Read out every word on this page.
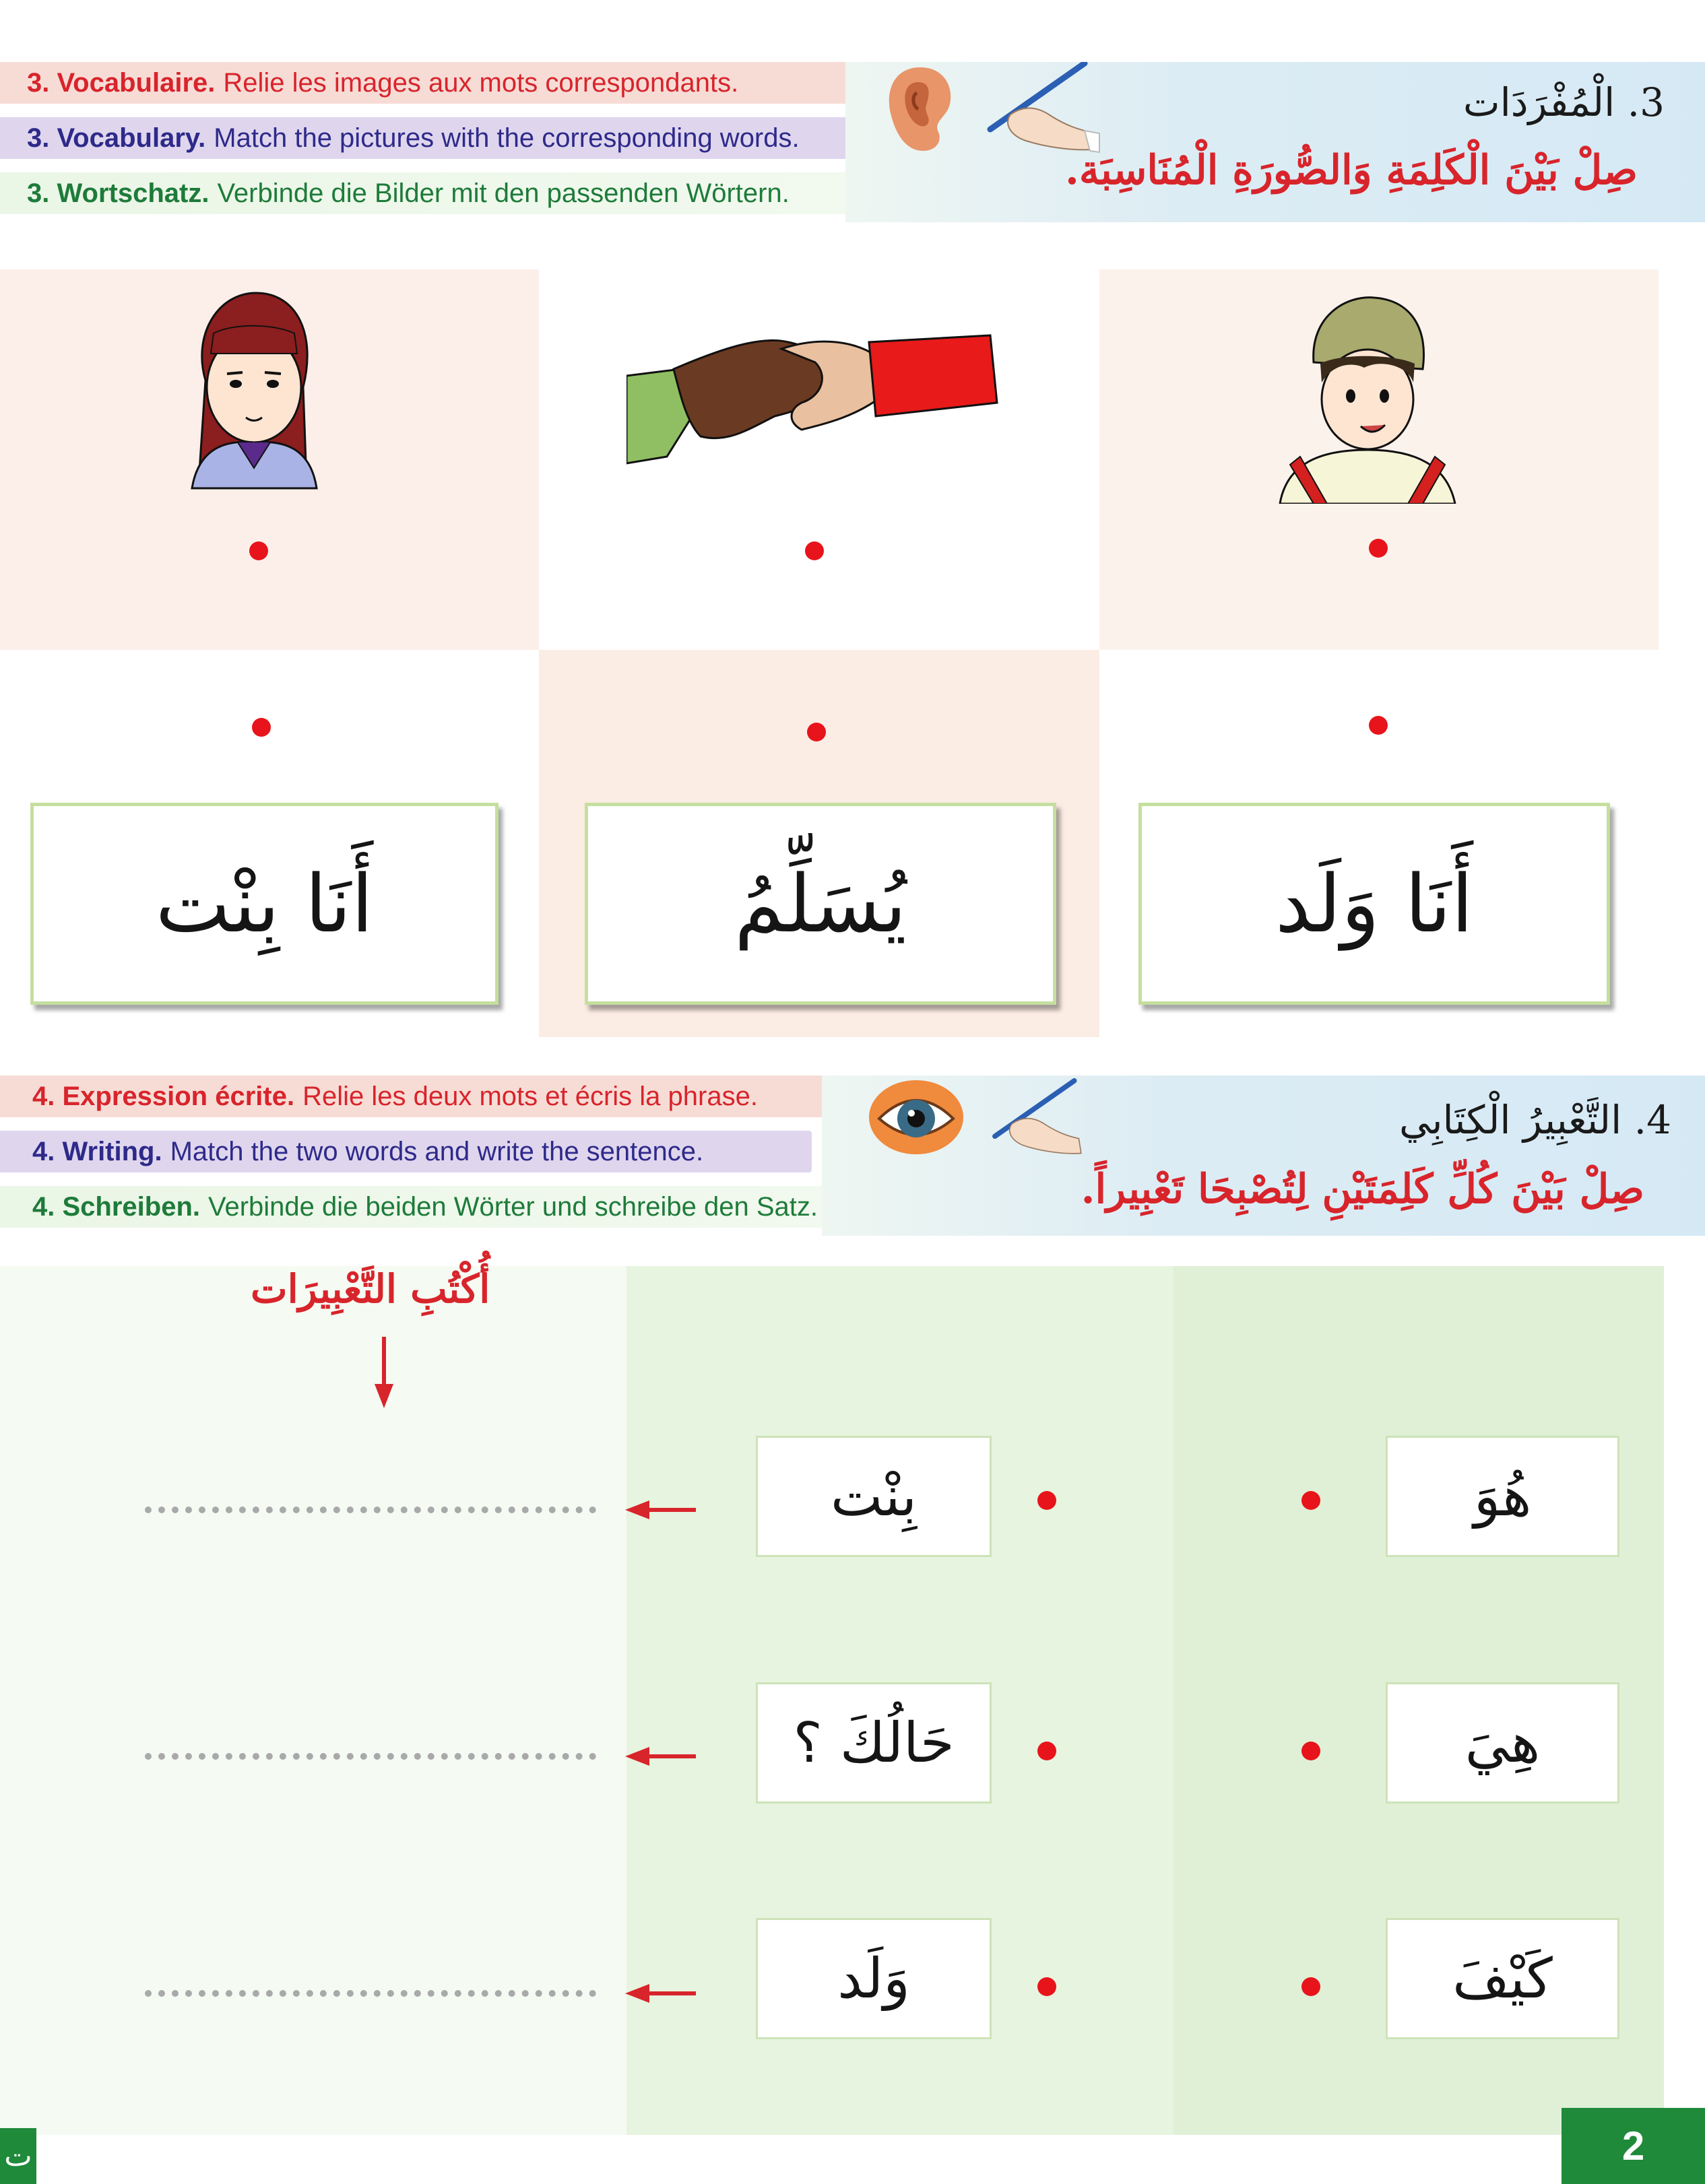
3. Vocabulaire. Relie les images aux mots correspondants.
3. Vocabulary. Match the pictures with the corresponding words.
3. Wortschatz. Verbinde die Bilder mit den passenden Wörtern.
3. الْمُفْرَدَات
صِلْ بَيْنَ الْكَلِمَةِ وَالصُّورَةِ الْمُنَاسِبَة.
أَنَا بِنْت	يُسَلِّمُ	أَنَا وَلَد
4. Expression écrite. Relie les deux mots et écris la phrase.
4. Writing. Match the two words and write the sentence.
4. Schreiben. Verbinde die beiden Wörter und schreibe den Satz.
4. التَّعْبِيرُ الْكِتَابِي
صِلْ بَيْنَ كُلِّ كَلِمَتَيْنِ لِتُصْبِحَا تَعْبِيراً.
أُكْتُبِ التَّعْبِيرَات
بِنْت	هُوَ
حَالُكَ ؟	هِيَ
وَلَد	كَيْفَ
ت	2
